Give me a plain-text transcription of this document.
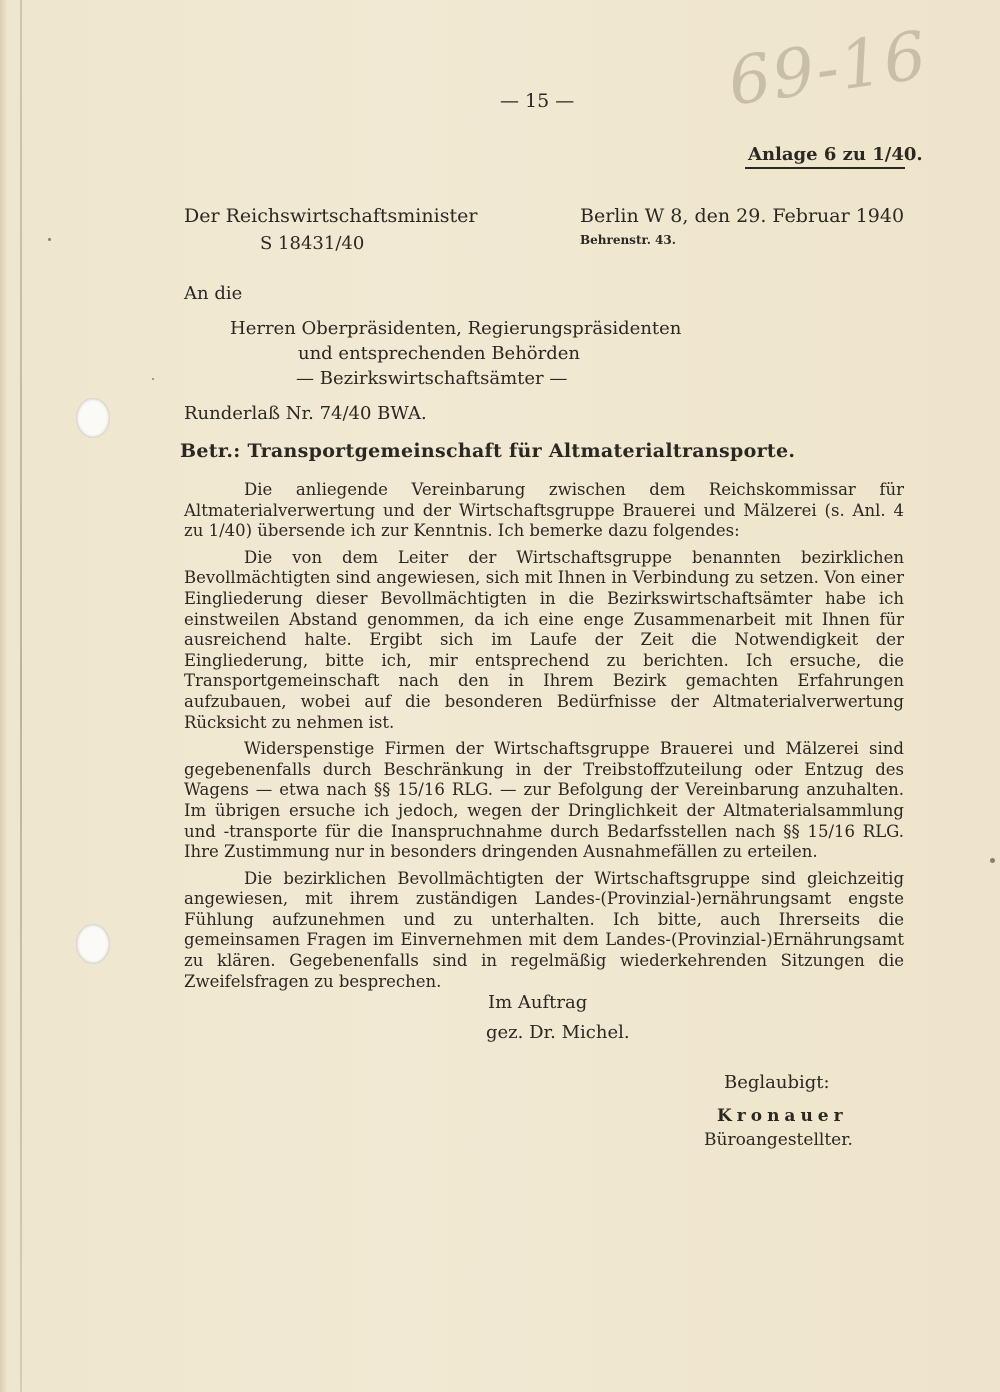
— 15 — 69-16
Anlage 6 zu 1/40.
Der Reichswirtschaftsminister
S 18431/40
Berlin W 8, den 29. Februar 1940
Behrenstr. 43.
An die
Herren Oberpräsidenten, Regierungspräsidenten
und entsprechenden Behörden
— Bezirkswirtschaftsämter —
Runderlaß Nr. 74/40 BWA.
Betr.: Transportgemeinschaft für Altmaterialtransporte.

Die anliegende Vereinbarung zwischen dem Reichskommissar für Altmaterialverwertung und der Wirtschaftsgruppe Brauerei und Mälzerei (s. Anl. 4 zu 1/40) übersende ich zur Kenntnis. Ich bemerke dazu folgendes:

Die von dem Leiter der Wirtschaftsgruppe benannten bezirklichen Bevollmächtigten sind angewiesen, sich mit Ihnen in Verbindung zu setzen. Von einer Eingliederung dieser Bevollmächtigten in die Bezirkswirtschaftsämter habe ich einstweilen Abstand genommen, da ich eine enge Zusammenarbeit mit Ihnen für ausreichend halte. Ergibt sich im Laufe der Zeit die Notwendigkeit der Eingliederung, bitte ich, mir entsprechend zu berichten. Ich ersuche, die Transportgemeinschaft nach den in Ihrem Bezirk gemachten Erfahrungen aufzubauen, wobei auf die besonderen Bedürfnisse der Altmaterialverwertung Rücksicht zu nehmen ist.

Widerspenstige Firmen der Wirtschaftsgruppe Brauerei und Mälzerei sind gegebenenfalls durch Beschränkung in der Treibstoffzuteilung oder Entzug des Wagens — etwa nach §§ 15/16 RLG. — zur Befolgung der Vereinbarung anzuhalten. Im übrigen ersuche ich jedoch, wegen der Dringlichkeit der Altmaterialsammlung und -transporte für die Inanspruchnahme durch Bedarfsstellen nach §§ 15/16 RLG. Ihre Zustimmung nur in besonders dringenden Ausnahmefällen zu erteilen.

Die bezirklichen Bevollmächtigten der Wirtschaftsgruppe sind gleichzeitig angewiesen, mit ihrem zuständigen Landes-(Provinzial-)ernährungsamt engste Fühlung aufzunehmen und zu unterhalten. Ich bitte, auch Ihrerseits die gemeinsamen Fragen im Einvernehmen mit dem Landes-(Provinzial-)Ernährungsamt zu klären. Gegebenenfalls sind in regelmäßig wiederkehrenden Sitzungen die Zweifelsfragen zu besprechen.

Im Auftrag
gez. Dr. Michel.
Beglaubigt:
Kronauer
Büroangestellter.
